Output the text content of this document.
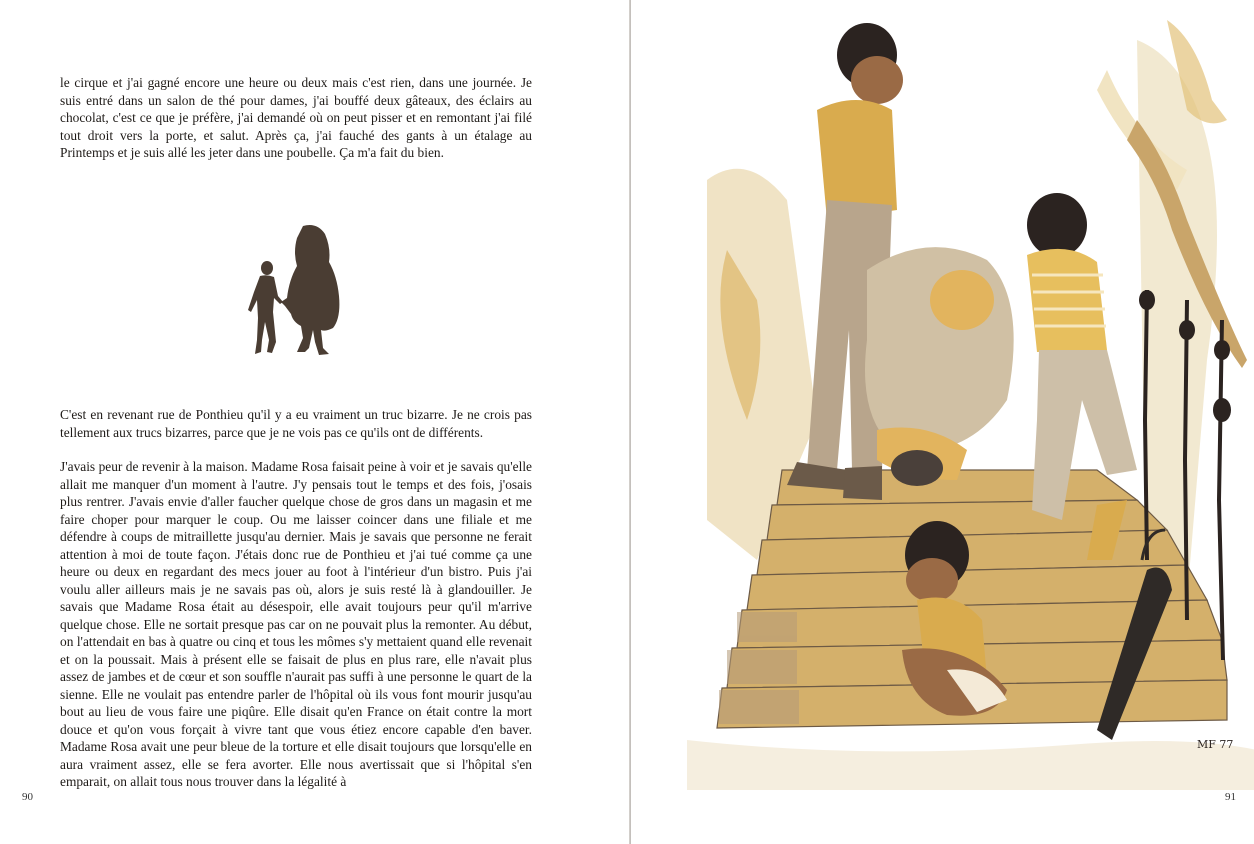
le cirque et j'ai gagné encore une heure ou deux mais c'est rien, dans une journée. Je suis entré dans un salon de thé pour dames, j'ai bouffé deux gâteaux, des éclairs au chocolat, c'est ce que je préfère, j'ai demandé où on peut pisser et en remontant j'ai filé tout droit vers la porte, et salut. Après ça, j'ai fauché des gants à un étalage au Printemps et je suis allé les jeter dans une poubelle. Ça m'a fait du bien.

C'est en revenant rue de Ponthieu qu'il y a eu vraiment un truc bizarre. Je ne crois pas tellement aux trucs bizarres, parce que je ne vois pas ce qu'ils ont de différents.

J'avais peur de revenir à la maison. Madame Rosa faisait peine à voir et je savais qu'elle allait me manquer d'un moment à l'autre. J'y pensais tout le temps et des fois, j'osais plus rentrer. J'avais envie d'aller faucher quelque chose de gros dans un magasin et me faire choper pour marquer le coup. Ou me laisser coincer dans une filiale et me défendre à coups de mitraillette jusqu'au dernier. Mais je savais que personne ne ferait attention à moi de toute façon. J'étais donc rue de Ponthieu et j'ai tué comme ça une heure ou deux en regardant des mecs jouer au foot à l'intérieur d'un bistro. Puis j'ai voulu aller ailleurs mais je ne savais pas où, alors je suis resté là à glandouiller. Je savais que Madame Rosa était au désespoir, elle avait toujours peur qu'il m'arrive quelque chose. Elle ne sortait presque pas car on ne pouvait plus la remonter. Au début, on l'attendait en bas à quatre ou cinq et tous les mômes s'y mettaient quand elle revenait et on la poussait. Mais à présent elle se faisait de plus en plus rare, elle n'avait plus assez de jambes et de cœur et son souffle n'aurait pas suffi à une personne le quart de la sienne. Elle ne voulait pas entendre parler de l'hôpital où ils vous font mourir jusqu'au bout au lieu de vous faire une piqûre. Elle disait qu'en France on était contre la mort douce et qu'on vous forçait à vivre tant que vous étiez encore capable d'en baver. Madame Rosa avait une peur bleue de la torture et elle disait toujours que lorsqu'elle en aura vraiment assez, elle se fera avorter. Elle nous avertissait que si l'hôpital s'en emparait, on allait tous nous trouver dans la légalité à

90
MF 77
91
